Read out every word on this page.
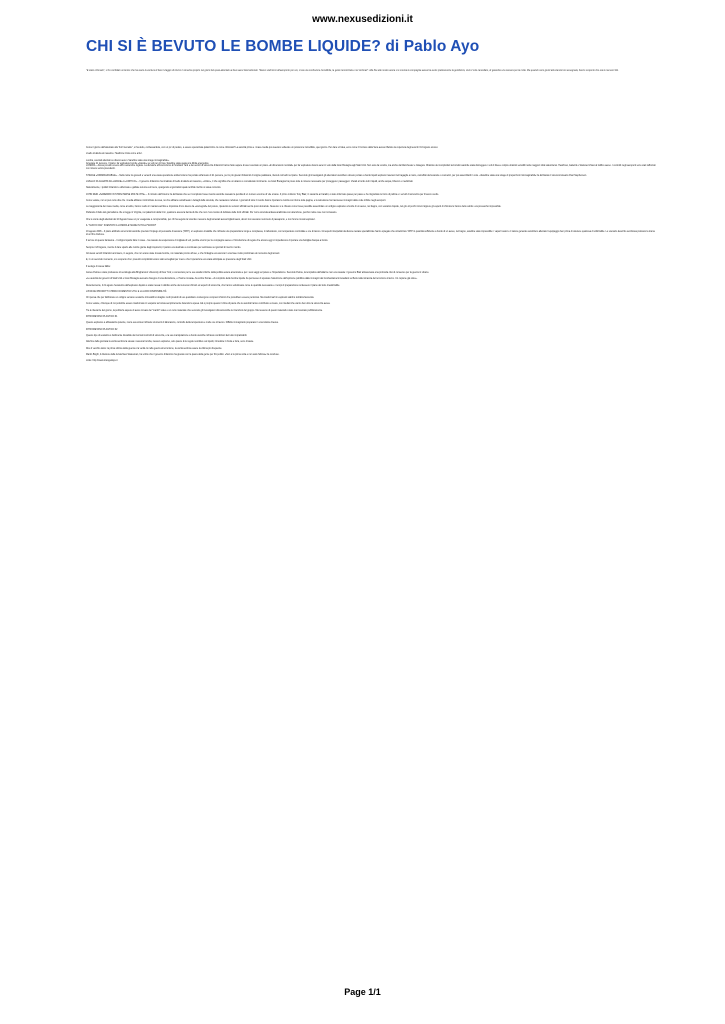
www.nexusedizioni.it
CHI SI È BEVUTO LE BOMBE LIQUIDE? di Pablo Ayo
"E stato ciclonato", si ho confidato un'amico che ha avuto la ventura di fare il viaggio di ritorno in America proprio nei giorni del quasi-attentato ai lieve aerei internazionali. "Siamo stati fermi all'aeroporto per ore, c'era una confusione incredibile, la gente terrorizzata e noi ciclonati". Alla fine alle nostre arena si è mostra la compagnia aerea ha avuto praticamente la gentilezza, visto il volo cancellato, di garantire una camera per la notte. Ma quando sono giunti alla stanza loro assegnata, hanno scoperto che era la numero 911.

Come il giorno dell'attentato alle Torri Gemelle", si ha detto, confessandolo, con un po' di pudore, è essere speranzata palazzolino. E come criticcata? La autorità prima e i mass-media poi avevano sollevato un polverone incredibile, quei giorno. Per dare un'idea, ecco come il Corriere della Sera aveva riflettuto la copertura degli eventi il 10 Agosto scorso:

Livello di allerta al massimo. Heathrow rinvia voli e arrivi.

Londra, sventati attentati su diversi aerei • Sarebbe stata una strage immaginabile».

Arrestate 21 persone. Il piano: far esplodere bombe «liquide» su voli per gli Usa. Sarebbe stata usata una bibita energetica

LONDRA – Aveva previsti ovvero all'11 settembre inglese. La divisione anti-terrorismo di Scotland Yard e dei servizi di sicurezza britannici hanno fatto sapere di aver sventato un piano «di dimensioni mondiali» per far esplodere diversi aerei in volo dalla Gran Bretagna agli Stati Uniti. Non solo da Londra, ma anche da Manchester e Glasgow. Obiettivo dei complottisti terroristici sarebbe stata distruggere i voli di linea e colpire obiettivi sensibili nelle maggiori città statunitensi. Heathrow, Gatwick e Stansted chiusi al traffico aereo. I controlli negli aeroporti sono stati rafforzati con misure senza precedenti.

STRAGE «INIMMAGINABILE» – Nella notte tra giovedì e venerdì una vasta operazione antiterrorismo ha portato all'arresto di 21 persone, per lo più giovani britannici di origine pakistana, ritenuti coinvolti nel piano. Secondo gli investigatori gli attentatori avrebbero dovuto portare a bordo liquidi esplosivi nascosti nel bagaglio a mano, camuffati da bevande o cosmetici, per poi assemblarli in volo. «Sarebbe stata una strage di proporzioni inimmaginabili» ha dichiarato il vicecommissario Paul Stephenson.

LIVELLO DI ALLERTA DA «GRAVE» A «CRITICO» – Il governo britannico ha innalzato il livello di allerta al massimo, «critico», il che significa che un attacco è considerato imminente. La Gran Bretagna ha preso tutte le misure necessarie per proteggere i passeggeri. Vietati a bordo tutti i liquidi, anche acqua, biberon e medicinali.

Naturalmente, i politici britannici e affermate e galliate tenuma sul fuoco, spargendo ai giornalisti quale terribile rischio si stava correndo.

JOHN REID «SAREMMO IN STATE PERSE MOLTE VITE» – Il ministro dell'Interno ha dichiarato che se il complotto fosse riuscito avrebbe causato la perdita di un numero enorme di vite umane. Il primo ministro Tony Blair, in vacanza ai Caraibi, è stato informato passo per passo e ha ringraziato le forze di polizia e i servizi di sicurezza per il lavoro svolto.

Come vedete, non si può certo dire che i media abbiano minimizzato la cosa, né che abbiano sottolineato i dettagli della vicenda, che restavano nebulosi. I giornali di tutto il mondo hanno riportato la notizia con titoli a tutta pagina, e la televisione ha trasmesso immagini delle code infinite negli aeroporti.

La maggioranza dei mass media, come al solito, hanno svolto in maniera acritica e impulsiva il loro lavoro da «stenografi» del potere, ripetendo le versioni ufficiali senza porsi domande. Nessuno si è chiesto come fosse possibile assemblare un ordigno esplosivo a bordo di un aereo, nel bagno, con sostanze liquide, nel giro di pochi minuti. Eppure gli esperti di chimica lo hanno detto subito: era pressoché impossibile.

Parlando di fatto del giornalismo che si legge in Virginia, nei palazzoni della Cnn, qualcuno aveva la faccia di dire che non c'era motivo di dubitare delle fonti ufficiali. Per noi la vicenda andava analizzata con attenzione, perché molte cose non tornavano.

Che le storie degli attentati del 10 Agosto fosse un po' esagerate è comprensibile, per chi ha seguito la vicenda: nessuno degli arrestati aveva biglietti aerei, alcuni non avevano nemmeno il passaporto, e non furono trovati esplosivi.

IL "NUOVO 9/11" SVENTATO A LONDRA E' MADE IN HOLLYWOOD?

19 agosto 2006 – Il piano attribuito ai terroristi avrebbe previsto l'impiego di perossido di acetone (TATP), un esplosivo instabile che richiede una preparazione lunga e complessa, in laboratorio, con temperature controllate e ore di lavoro. Gli esperti interpellati da diverse testate specializzate hanno spiegato che sintetizzare TATP in quantità sufficiente a bordo di un aereo, nel bagno, sarebbe stato impossibile: i vapori tossici e il calore generato avrebbero allertato l'equipaggio ben prima di ottenere qualcosa di utilizzabile. Lo scenario descritto sembrava piuttosto la trama di un film d'azione.

Il terrore di questo fantasma – l'ordigno liquido fatto in casa – ha causato la sospensione di migliaia di voli, perdite enormi per le compagnie aeree e l'introduzione di regole che ancora oggi ci impediscono di portare una bottiglia d'acqua a bordo.

Sempre il 20 Agosto, mentre il dare spazio alle notizie giunte dagli inquirenti, il panico era destinato a continuare per settimane sui giornali di mezzo mondo.

Gli stessi servizi britannici ammisero, in seguito, che non erano state trovate bombe, né materiale pronto all'uso, e che l'indagine era ancora in una fase molto preliminare al momento degli arresti.

E, in un secondo momento, si è scoperto che i presunti complottisti erano stati sorvegliati per mesi e che l'operazione era stata anticipata su pressione degli Stati Uniti.

Il teologo di cause fallite:

James Petras è stato professore di sociologia alla Binghamton University di New York; è conosciuto per le sue analisi critiche della politica estera americana e per i suoi saggi sul potere e l'imperialismo. Secondo Petras, la tempistica dell'allarme non era casuale: il governo Blair attraversava una profonda crisi di consenso per la guerra in Libano.

«Le autorità dei governi di Stati Uniti e Gran Bretagna avevano bisogno di una distrazione, e l'hanno trovata» ha scritto Petras. «Il complotto delle bombe liquide ha permesso di spostare l'attenzione dell'opinione pubblica dalle immagini dei bombardamenti israeliani su Beirut alla minaccia del terrorismo interno. Un copione già visto».

Recentemente, il 21 agosto l'esistenza dell'esplosivo liquido è stata messa in dubbio anche da numerosi chimici ed esperti di sicurezza, che hanno sottolineato come le quantità necessarie e i tempi di preparazione rendessero il piano del tutto irrealizzabile.

LISTA DEI PRODOTTI CHIMICI DOMESTICI UTILI E LA LORO DISPONIBILITÀ:

Chi pensa che per fabbricare un ordigno servano sostanze introvabili si sbaglia: molti prodotti di uso quotidiano contengono composti chimici che potrebbero essere pericolosi. Ma trasformarli in esplosivi stabili è tutt'altra faccenda.

Come vedete, chiunque di noi potrebbe essere trasformato in sospetto terrorista semplicemente facendo la spesa. Ed è proprio questo il clima di paura che le autorità hanno contribuito a creare, con risultati che vanno ben oltre la sicurezza aerea.

Tra le rilevanze del giorno, la polizia fa sapere di avere trovato dei "martiri" video e un certo materiale che secondo gli investigatori dimostrerebbe le intenzioni del gruppo. Ma nessuno di questi materiali è stato mai mostrato pubblicamente.

INTROMETANO PLASTICO #1

Questo esplosivo è abbastanza potente, ma la sua sintesi richiede strumenti di laboratorio, controllo della temperatura e molte ore di lavoro. Difficile immaginarlo preparato in una toilette d'aereo.

INTROMETANO PLASTICO #2

Questo tipo di sostanza è facilmente rilevabile dai normali controlli di sicurezza, e la sua manipolazione a bordo avrebbe richiesto condizioni del tutto impraticabili.

Alla fine della giornata la verità sembra la stessa: nessuna bomba, nessun esplosivo, solo paura. E le regole restrittive sui liquidi, introdotte in fretta e furia, sono rimaste.

Dice il vecchio detto: la prima vittima della guerra è la verità. E nella guerra al terrorismo, la verità sembra essere la vittima più frequente.

Martin Bright, il direttore della rivista New Statesman, ha scritto che il governo britannico ha giocato con la paura della gente per fini politici. «Non è la prima volta e non sarà l'ultima» ha concluso.

Links: http://www.strangedays.it

Page 1/1
